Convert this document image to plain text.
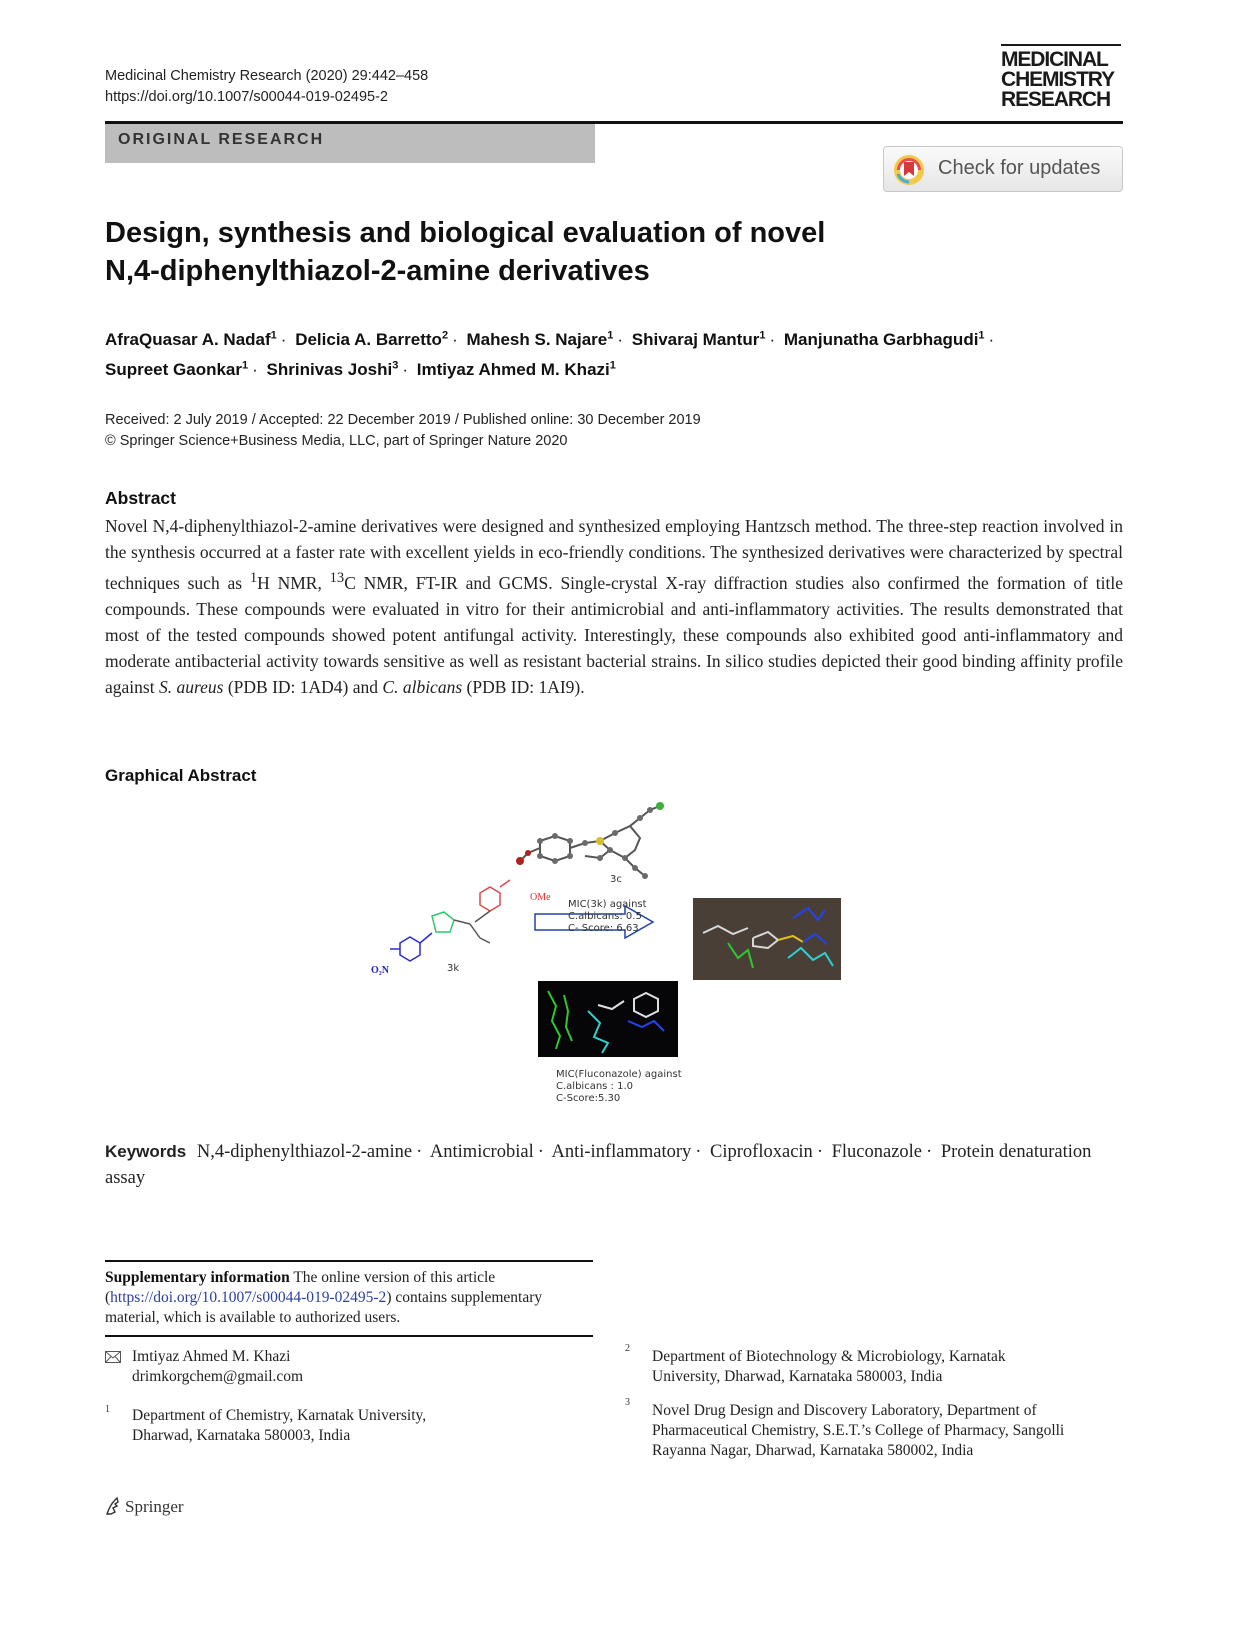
Medicinal Chemistry Research (2020) 29:442–458
https://doi.org/10.1007/s00044-019-02495-2
MEDICINAL
CHEMISTRY
RESEARCH
ORIGINAL RESEARCH
Check for updates
Design, synthesis and biological evaluation of novel
N,4-diphenylthiazol-2-amine derivatives
AfraQuasar A. Nadaf$^1$ · Delicia A. Barretto$^2$ · Mahesh S. Najare$^1$ · Shivaraj Mantur$^1$ · Manjunatha Garbhagudi$^1$ ·
Supreet Gaonkar$^1$ · Shrinivas Joshi$^3$ · Imtiyaz Ahmed M. Khazi$^1$
Received: 2 July 2019 / Accepted: 22 December 2019 / Published online: 30 December 2019
© Springer Science+Business Media, LLC, part of Springer Nature 2020
Abstract
Novel N,4-diphenylthiazol-2-amine derivatives were designed and synthesized employing Hantzsch method. The three-step reaction involved in the synthesis occurred at a faster rate with excellent yields in eco-friendly conditions. The synthesized derivatives were characterized by spectral techniques such as $^1$H NMR, $^{13}$C NMR, FT-IR and GCMS. Single-crystal X-ray diffraction studies also confirmed the formation of title compounds. These compounds were evaluated in vitro for their antimicrobial and anti-inflammatory activities. The results demonstrated that most of the tested compounds showed potent antifungal activity. Interestingly, these compounds also exhibited good anti-inflammatory and moderate antibacterial activity towards sensitive as well as resistant bacterial strains. In silico studies depicted their good binding affinity profile against S. aureus (PDB ID: 1AD4) and C. albicans (PDB ID: 1AI9).
Graphical Abstract
3c
3k
OMe
O₂N
MIC(3k) against
C.albicans: 0.5
C- Score: 6.63
MIC(Fluconazole) against
C.albicans : 1.0
C-Score:5.30
Keywords N,4-diphenylthiazol-2-amine · Antimicrobial · Anti-inflammatory · Ciprofloxacin · Fluconazole · Protein denaturation assay
Supplementary information The online version of this article (https://doi.org/10.1007/s00044-019-02495-2) contains supplementary material, which is available to authorized users.
Imtiyaz Ahmed M. Khazi
drimkorgchem@gmail.com
1 Department of Chemistry, Karnatak University,
Dharwad, Karnataka 580003, India
2 Department of Biotechnology & Microbiology, Karnatak
University, Dharwad, Karnataka 580003, India
3 Novel Drug Design and Discovery Laboratory, Department of
Pharmaceutical Chemistry, S.E.T.’s College of Pharmacy, Sangolli
Rayanna Nagar, Dharwad, Karnataka 580002, India
Springer
